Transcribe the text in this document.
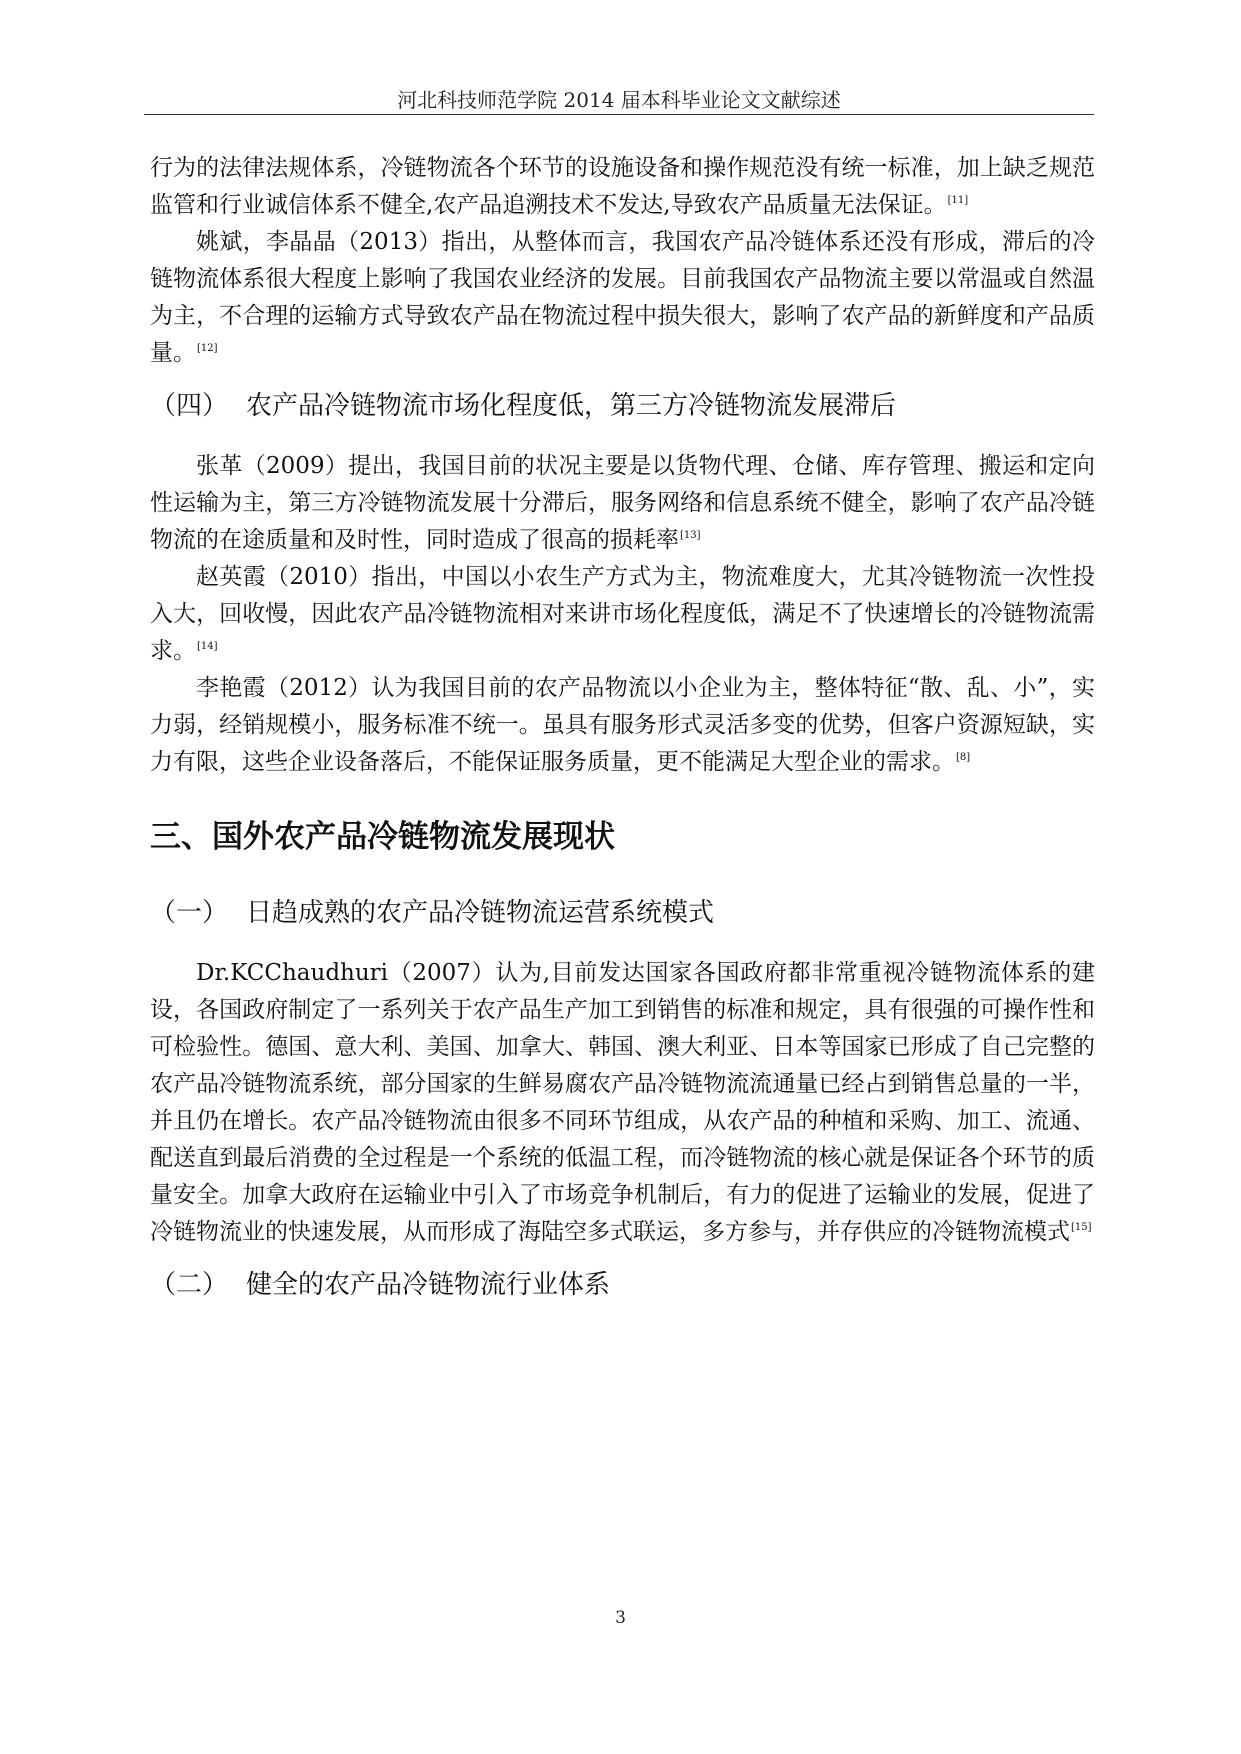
河北科技师范学院 2014 届本科毕业论文文献综述

行为的法律法规体系，冷链物流各个环节的设施设备和操作规范没有统一标准，加上缺乏规范监管和行业诚信体系不健全,农产品追溯技术不发达,导致农产品质量无法保证。[11]

姚斌，李晶晶（2013）指出，从整体而言，我国农产品冷链体系还没有形成，滞后的冷链物流体系很大程度上影响了我国农业经济的发展。目前我国农产品物流主要以常温或自然温为主，不合理的运输方式导致农产品在物流过程中损失很大，影响了农产品的新鲜度和产品质量。[12]

（四） 农产品冷链物流市场化程度低，第三方冷链物流发展滞后

张革（2009）提出，我国目前的状况主要是以货物代理、仓储、库存管理、搬运和定向性运输为主，第三方冷链物流发展十分滞后，服务网络和信息系统不健全，影响了农产品冷链物流的在途质量和及时性，同时造成了很高的损耗率[13]

赵英霞（2010）指出，中国以小农生产方式为主，物流难度大，尤其冷链物流一次性投入大，回收慢，因此农产品冷链物流相对来讲市场化程度低，满足不了快速增长的冷链物流需求。[14]

李艳霞（2012）认为我国目前的农产品物流以小企业为主，整体特征“散、乱、小”，实力弱，经销规模小，服务标准不统一。虽具有服务形式灵活多变的优势，但客户资源短缺，实力有限，这些企业设备落后，不能保证服务质量，更不能满足大型企业的需求。[8]

三、国外农产品冷链物流发展现状
（一） 日趋成熟的农产品冷链物流运营系统模式

Dr.KCChaudhuri（2007）认为,目前发达国家各国政府都非常重视冷链物流体系的建设，各国政府制定了一系列关于农产品生产加工到销售的标准和规定，具有很强的可操作性和可检验性。德国、意大利、美国、加拿大、韩国、澳大利亚、日本等国家已形成了自己完整的农产品冷链物流系统，部分国家的生鲜易腐农产品冷链物流流通量已经占到销售总量的一半，并且仍在增长。农产品冷链物流由很多不同环节组成，从农产品的种植和采购、加工、流通、配送直到最后消费的全过程是一个系统的低温工程，而冷链物流的核心就是保证各个环节的质量安全。加拿大政府在运输业中引入了市场竞争机制后，有力的促进了运输业的发展，促进了冷链物流业的快速发展，从而形成了海陆空多式联运，多方参与，并存供应的冷链物流模式[15]

（二） 健全的农产品冷链物流行业体系
3
